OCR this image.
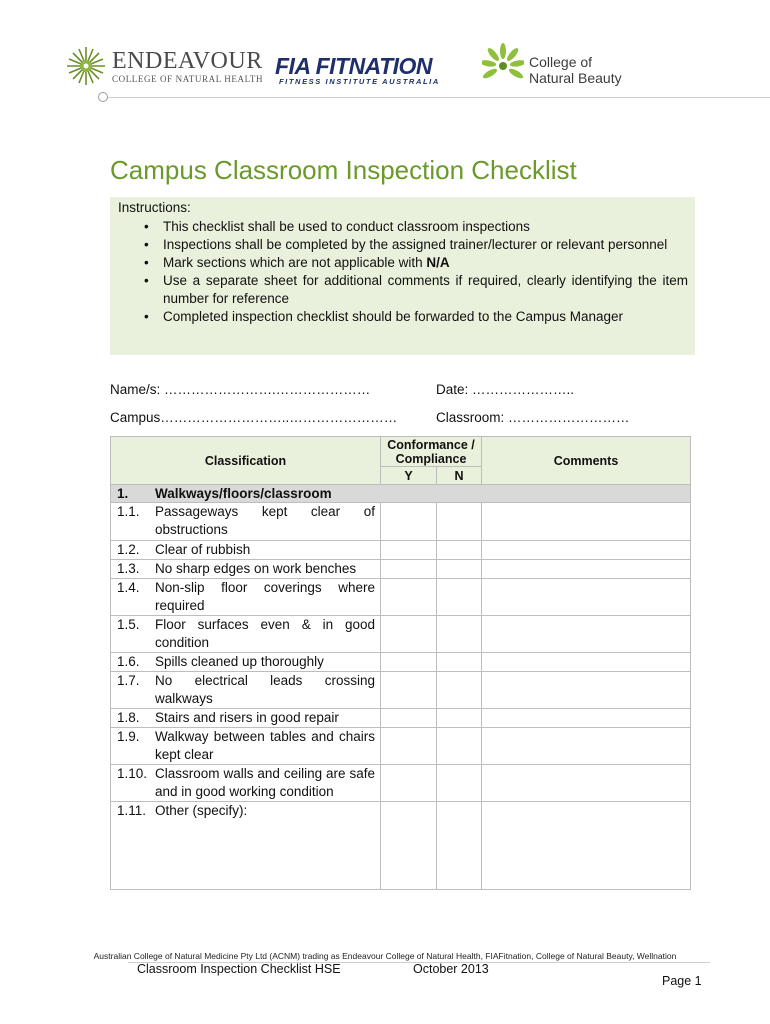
ENDEAVOUR
COLLEGE OF NATURAL HEALTH FIA FITNATION
FITNESS INSTITUTE AUSTRALIA
College of
Natural Beauty
Campus Classroom Inspection Checklist
Instructions:
• This checklist shall be used to conduct classroom inspections
• Inspections shall be completed by the assigned trainer/lecturer or relevant personnel
• Mark sections which are not applicable with N/A
• Use a separate sheet for additional comments if required, clearly identifying the item number for reference
• Completed inspection checklist should be forwarded to the Campus Manager
Name/s: …………………….…………………	Date: …………………..
Campus………………………..……………………	Classroom: ………………………
Classification		Conformance / Compliance		Comments
		Y	N	
1.	Walkways/floors/classroom			
1.1.	Passageways kept clear of obstructions			
1.2.	Clear of rubbish			
1.3.	No sharp edges on work benches			
1.4.	Non-slip floor coverings where required			
1.5.	Floor surfaces even & in good condition			
1.6.	Spills cleaned up thoroughly			
1.7.	No electrical leads crossing walkways			
1.8.	Stairs and risers in good repair			
1.9.	Walkway between tables and chairs kept clear			
1.10.	Classroom walls and ceiling are safe and in good working condition			
1.11.	Other (specify):			
Australian College of Natural Medicine Pty Ltd (ACNM) trading as Endeavour College of Natural Health, FIAFitnation, College of Natural Beauty, Wellnation
Classroom Inspection Checklist HSE	October 2013
Page 1
